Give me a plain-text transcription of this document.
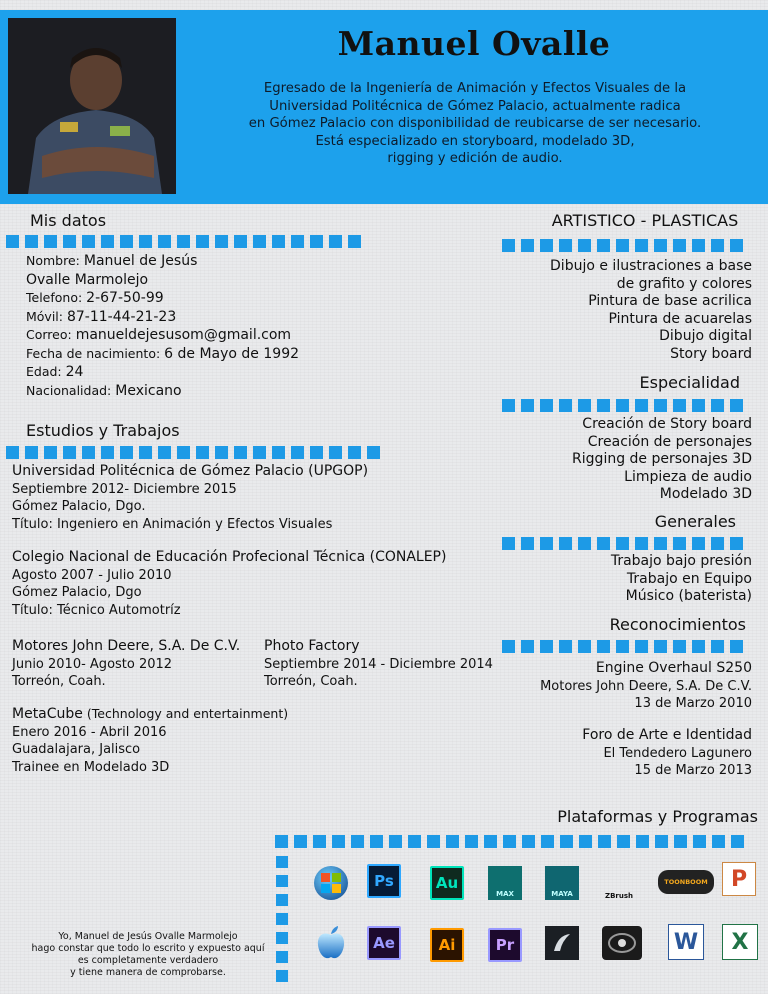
Manuel Ovalle
Egresado de la Ingeniería de Animación y Efectos Visuales de la
Universidad Politécnica de Gómez Palacio, actualmente radica
en Gómez Palacio con disponibilidad de reubicarse de ser necesario.
Está especializado en storyboard, modelado 3D,
rigging y edición de audio.
Mis datos
Nombre: Manuel de Jesús
Ovalle Marmolejo
Telefono: 2-67-50-99
Móvil: 87-11-44-21-23
Correo: manueldejesusom@gmail.com
Fecha de nacimiento: 6 de Mayo de 1992
Edad: 24
Nacionalidad: Mexicano
Estudios y Trabajos
Universidad Politécnica de Gómez Palacio (UPGOP)
Septiembre 2012- Diciembre 2015
Gómez Palacio, Dgo.
Título: Ingeniero en Animación y Efectos Visuales
Colegio Nacional de Educación Profecional Técnica (CONALEP)
Agosto 2007 - Julio 2010
Gómez Palacio, Dgo
Título: Técnico Automotríz
Motores John Deere, S.A. De C.V.
Junio 2010- Agosto 2012
Torreón, Coah.
Photo Factory
Septiembre 2014 - Diciembre 2014
Torreón, Coah.
MetaCube (Technology and entertainment)
Enero 2016 - Abril 2016
Guadalajara, Jalisco
Trainee en Modelado 3D
ARTISTICO - PLASTICAS
Dibujo e ilustraciones a base
de grafito y colores
Pintura de base acrilica
Pintura de acuarelas
Dibujo digital
Story board
Especialidad
Creación de Story board
Creación de personajes
Rigging de personajes 3D
Limpieza de audio
Modelado 3D
Generales
Trabajo bajo presión
Trabajo en Equipo
Músico (baterista)
Reconocimientos
Engine Overhaul S250
Motores John Deere, S.A. De C.V.
13 de Marzo 2010
Foro de Arte e Identidad
El Tendedero Lagunero
15 de Marzo 2013
Plataformas y Programas
Ps	Au
MAX	MAYA	ZBrush
TOONBOOM	P
Ae	Ai	Pr	W	X
Yo, Manuel de Jesús Ovalle Marmolejo
hago constar que todo lo escrito y expuesto aquí
es completamente verdadero
y tiene manera de comprobarse.
